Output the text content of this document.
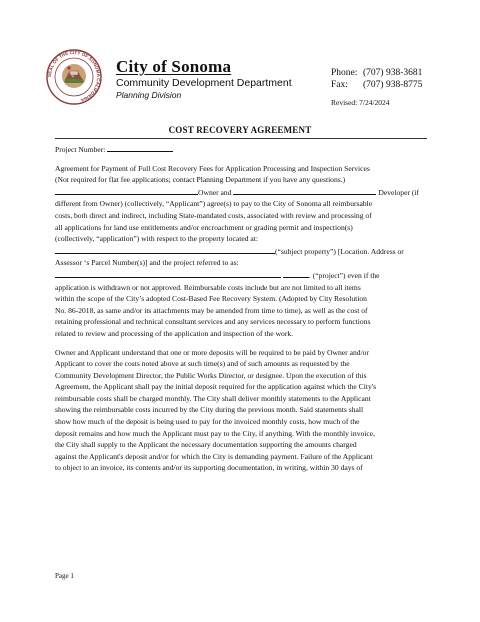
SEAL OF THE CITY OF SONOMA CALIFORNIA
City of Sonoma
Community Development Department
Planning Division
Phone: (707) 938-3681
Fax: (707) 938-8775
Revised: 7/24/2024
COST RECOVERY AGREEMENT
Project Number:
Agreement for Payment of Full Cost Recovery Fees for Application Processing and Inspection Services
(Not required for flat fee applications; contact Planning Department if you have any questions.)
Owner and	Developer (if
different from Owner) (collectively, “Applicant”) agree(s) to pay to the City of Sonoma all reimbursable
costs, both direct and indirect, including State-mandated costs, associated with review and processing of
all applications for land use entitlements and/or encroachment or grading permit and inspection(s)
(collectively, “application”) with respect to the property located at:
(“subject property”) [Location. Address or
Assessor ‘s Parcel Number(s)] and the project referred to as:
. (“project”) even if the
application is withdrawn or not approved. Reimbursable costs include but are not limited to all items
within the scope of the City’s adopted Cost-Based Fee Recovery System. (Adopted by City Resolution
No. 86-2018, as same and/or its attachments may be amended from time to time), as well as the cost of
retaining professional and technical consultant services and any services necessary to perform functions
related to review and processing of the application and inspection of the work.
Owner and Applicant understand that one or more deposits will be required to be paid by Owner and/or
Applicant to cover the costs noted above at such time(s) and of such amounts as requested by the
Community Development Director, the Public Works Director, or designee. Upon the execution of this
Agreement, the Applicant shall pay the initial deposit required for the application against which the City's
reimbursable costs shall be charged monthly. The City shall deliver monthly statements to the Applicant
showing the reimbursable costs incurred by the City during the previous month. Said statements shall
show how much of the deposit is being used to pay for the invoiced monthly costs, how much of the
deposit remains and how much the Applicant must pay to the City, if anything. With the monthly invoice,
the City shall supply to the Applicant the necessary documentation supporting the amounts charged
against the Applicant's deposit and/or for which the City is demanding payment. Failure of the Applicant
to object to an invoice, its contents and/or its supporting documentation, in writing, within 30 days of
Page 1
